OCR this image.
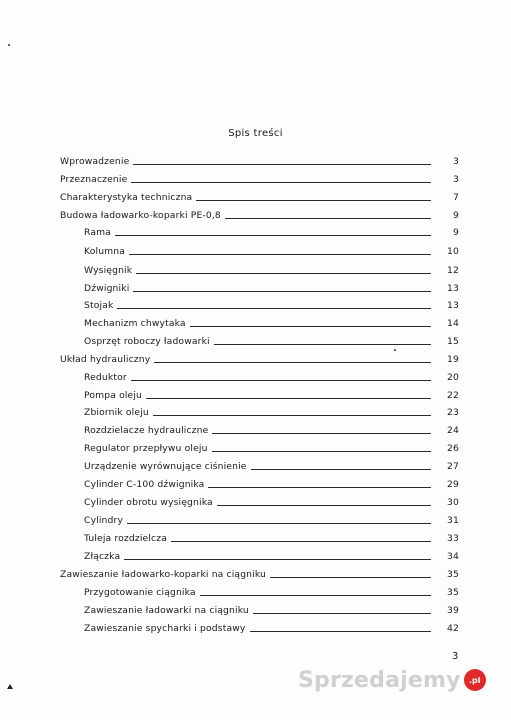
Spis treści
Wprowadzenie	3
Przeznaczenie	3
Charakterystyka techniczna	7
Budowa ładowarko-koparki PE-0,8	9
Rama	9
Kolumna	10
Wysięgnik	12
Dźwigniki	13
Stojak	13
Mechanizm chwytaka	14
Osprzęt roboczy ładowarki	15
Układ hydrauliczny	19
Reduktor	20
Pompa oleju	22
Zbiornik oleju	23
Rozdzielacze hydrauliczne	24
Regulator przepływu oleju	26
Urządzenie wyrównujące ciśnienie	27
Cylinder C-100 dźwignika	29
Cylinder obrotu wysięgnika	30
Cylindry	31
Tuleja rozdzielcza	33
Złączka	34
Zawieszanie ładowarko-koparki na ciągniku	35
Przygotowanie ciągnika	35
Zawieszanie ładowarki na ciągniku	39
Zawieszanie spycharki i podstawy	42
3
Sprzedajemy	.pl
